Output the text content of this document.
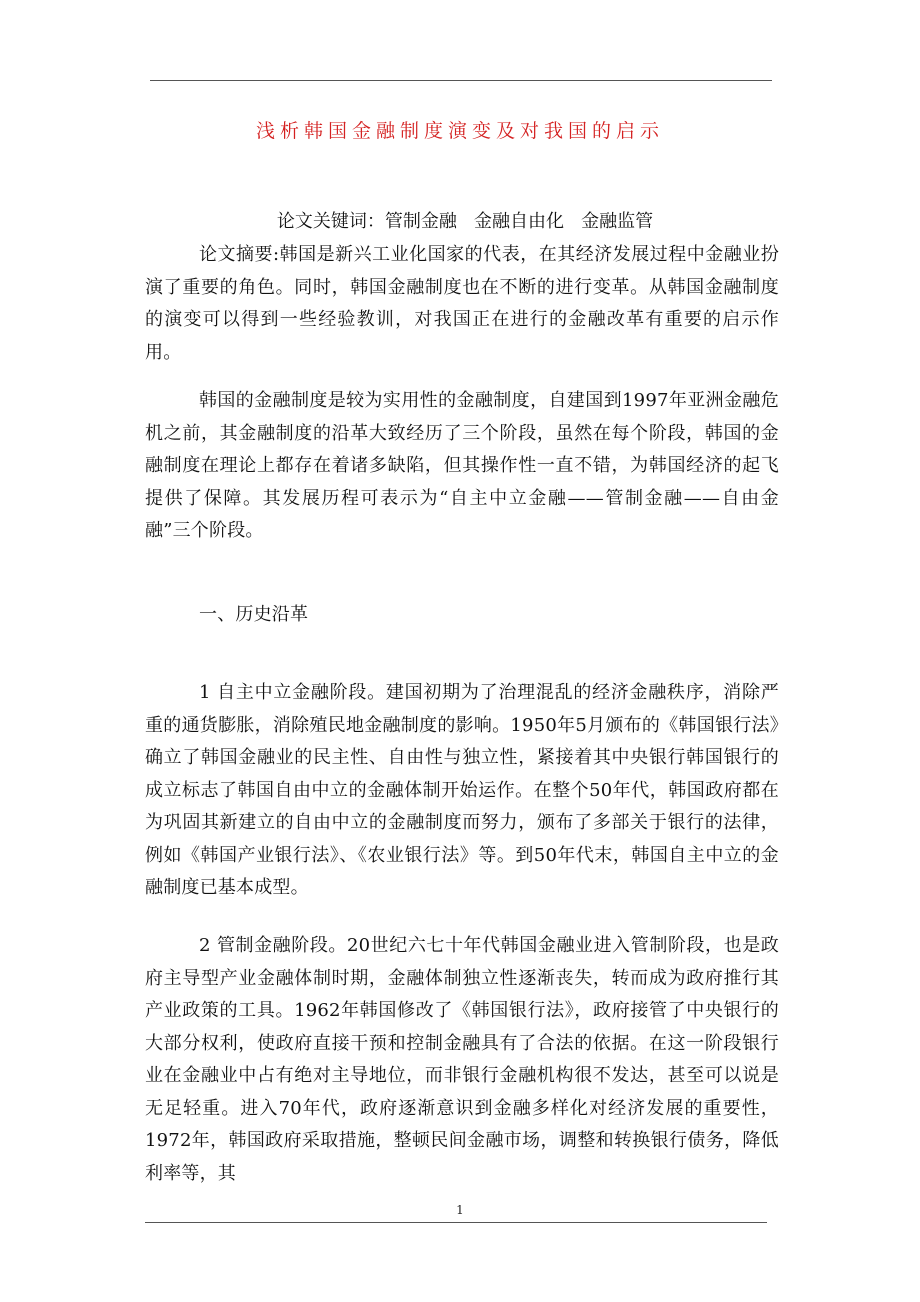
浅析韩国金融制度演变及对我国的启示
论文关键词：管制金融   金融自由化   金融监管

论文摘要:韩国是新兴工业化国家的代表，在其经济发展过程中金融业扮演了重要的角色。同时，韩国金融制度也在不断的进行变革。从韩国金融制度的演变可以得到一些经验教训，对我国正在进行的金融改革有重要的启示作用。

韩国的金融制度是较为实用性的金融制度，自建国到1997年亚洲金融危机之前，其金融制度的沿革大致经历了三个阶段，虽然在每个阶段，韩国的金融制度在理论上都存在着诸多缺陷，但其操作性一直不错，为韩国经济的起飞提供了保障。其发展历程可表示为“自主中立金融——管制金融——自由金融”三个阶段。

一、历史沿革

1 自主中立金融阶段。建国初期为了治理混乱的经济金融秩序，消除严重的通货膨胀，消除殖民地金融制度的影响。1950年5月颁布的《韩国银行法》确立了韩国金融业的民主性、自由性与独立性，紧接着其中央银行韩国银行的成立标志了韩国自由中立的金融体制开始运作。在整个50年代，韩国政府都在为巩固其新建立的自由中立的金融制度而努力，颁布了多部关于银行的法律，例如《韩国产业银行法》、《农业银行法》等。到50年代末，韩国自主中立的金融制度已基本成型。

2 管制金融阶段。20世纪六七十年代韩国金融业进入管制阶段，也是政府主导型产业金融体制时期，金融体制独立性逐渐丧失，转而成为政府推行其产业政策的工具。1962年韩国修改了《韩国银行法》，政府接管了中央银行的大部分权利，使政府直接干预和控制金融具有了合法的依据。在这一阶段银行业在金融业中占有绝对主导地位，而非银行金融机构很不发达，甚至可以说是无足轻重。进入70年代，政府逐渐意识到金融多样化对经济发展的重要性，1972年，韩国政府采取措施，整顿民间金融市场，调整和转换银行债务，降低利率等，其

1
